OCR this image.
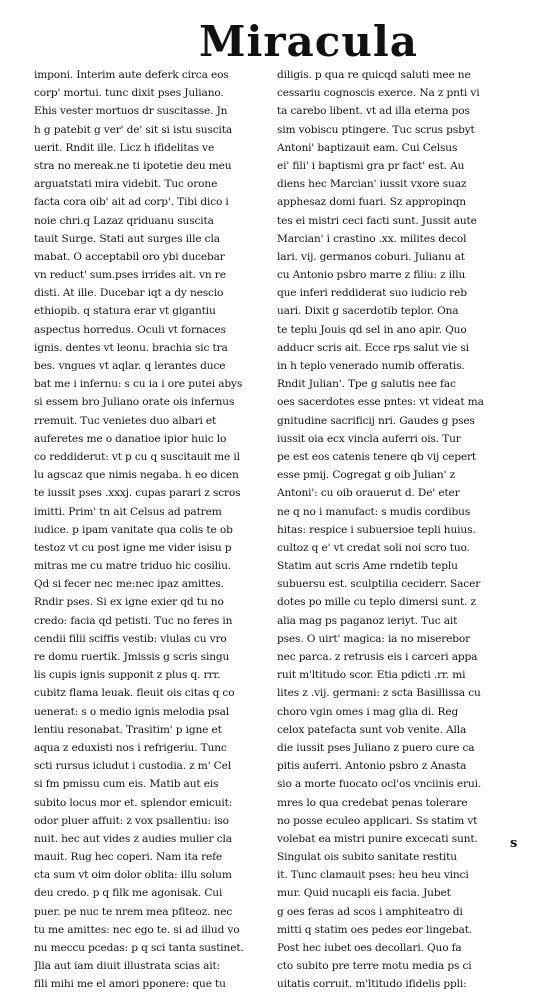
Miracula
imponi. Interim aute deferk circa eos
corp' mortui. tunc dixit pses Juliano.
Ehis vester mortuos dr suscitasse. Jn
h g patebit g ver' de' sit si istu suscita
uerit. Rndit ille. Licz h ifidelitas ve
stra no mereak.ne ti ipotetie deu meu
arguatstati mira videbit. Tuc orone
facta cora oib' ait ad corp'. Tibi dico i
noie chri.q Lazaz qriduanu suscita
tauit Surge. Stati aut surges ille cla
mabat. O acceptabil oro ybi ducebar
vn reduct' sum.pses irrides ait. vn re
disti. At ille. Ducebar iqt a dy nescio
ethiopib. q statura erar vt gigantiu
aspectus horredus. Oculi vt fornaces
ignis. dentes vt leonu. brachia sic tra
bes. vngues vt aqlar. q lerantes duce
bat me i infernu: s cu ia i ore putei abys
si essem bro Juliano orate ois infernus
rremuit. Tuc venietes duo albari et
auferetes me o danatioe ipior huic lo
co reddiderut: vt p cu q suscitauit me il
lu agscaz que nimis negaba. h eo dicen
te iussit pses .xxxj. cupas parari z scros
imitti. Prim' tn ait Celsus ad patrem
iudice. p ipam vanitate qua colis te ob
testoz vt cu post igne me vider isisu p
mitras me cu matre triduo hic cosiliu.
Qd si fecer nec me:nec ipaz amittes.
Rndir pses. Si ex igne exier qd tu no
credo: facia qd petisti. Tuc no feres in
cendii filii sciffis vestib: vlulas cu vro
re domu ruertik. Jmissis g scris singu
lis cupis ignis supponit z plus q. rrr.
cubitz flama leuak. fleuit ois citas q co
uenerat: s o medio ignis melodia psal
lentiu resonabat. Trasitim' p igne et
aqua z eduxisti nos i refrigeriu. Tunc
scti rursus icludut i custodia. z m' Cel
si fm pmissu cum eis. Matib aut eis
subito locus mor et. splendor emicuit:
odor pluer affuit: z vox psallentiu: iso
nuit. hec aut vides z audies mulier cla
mauit. Rug hec coperi. Nam ita refe
cta sum vt oim dolor oblita: illu solum
deu credo. p q filk me agonisak. Cui
puer. pe nuc te nrem mea pfiteoz. nec
tu me amittes: nec ego te. si ad illud vo
nu meccu pcedas: p q sci tanta sustinet.
Jlla aut iam diuit illustrata scias ait:
fili mihi me el amori pponere: que tu
diligis. p qua re quicqd saluti mee ne
cessariu cognoscis exerce. Na z pnti vi
ta carebo libent. vt ad illa eterna pos
sim vobiscu ptingere. Tuc scrus psbyt
Antoni' baptizauit eam. Cui Celsus
ei' fili' i baptismi gra pr fact' est. Au
diens hec Marcian' iussit vxore suaz
apphesaz domi fuari. Sz appropinqn
tes ei mistri ceci facti sunt. Jussit aute
Marcian' i crastino .xx. milites decol
lari. vij. germanos coburi. Julianu at
cu Antonio psbro marre z filiu: z illu
que inferi reddiderat suo iudicio reb
uari. Dixit g sacerdotib teplor. Ona
te teplu Jouis qd sel in ano apir. Quo
adducr scris ait. Ecce rps salut vie si
in h teplo venerado numib offeratis.
Rndit Julian'. Tpe g salutis nee fac
oes sacerdotes esse pntes: vt videat ma
gnitudine sacrificij nri. Gaudes g pses
iussit oia ecx vincla auferri ois. Tur
pe est eos catenis tenere qb vij cepert
esse pmij. Cogregat g oib Julian' z
Antoni': cu oib orauerut d. De' eter
ne q no i manufact: s mudis cordibus
hitas: respice i subuersioe tepli huius.
cultoz q e' vt credat soli noi scro tuo.
Statim aut scris Ame rndetib teplu
subuersu est. sculptilia ceciderr. Sacer
dotes po mille cu teplo dimersi sunt. z
alia mag ps paganoz ieriyt. Tuc ait
pses. O uirt' magica: ia no miserebor
nec parca. z retrusis eis i carceri appa
ruit m'ltitudo scor. Etia pdicti .rr. mi
lites z .vij. germani: z scta Basillissa cu
choro vgin omes i mag glia di. Reg
celox patefacta sunt vob venite. Alla
die iussit pses Juliano z puero cure ca
pitis auferri. Antonio psbro z Anasta
sio a morte fuocato ocl'os vnciinis erui.
mres lo qua credebat penas tolerare
no posse eculeo applicari. Ss statim vt
volebat ea mistri punire excecati sunt.
Singulat ois subito sanitate restitu
it. Tunc clamauit pses: heu heu vinci
mur. Quid nucapli eis facia. Jubet
g oes feras ad scos i amphiteatro di
mitti q statim oes pedes eor lingebat.
Post hec iubet oes decollari. Quo fa
cto subito pre terre motu media ps ci
uitatis corruit. m'ltitudo ifidelis ppli:
s
